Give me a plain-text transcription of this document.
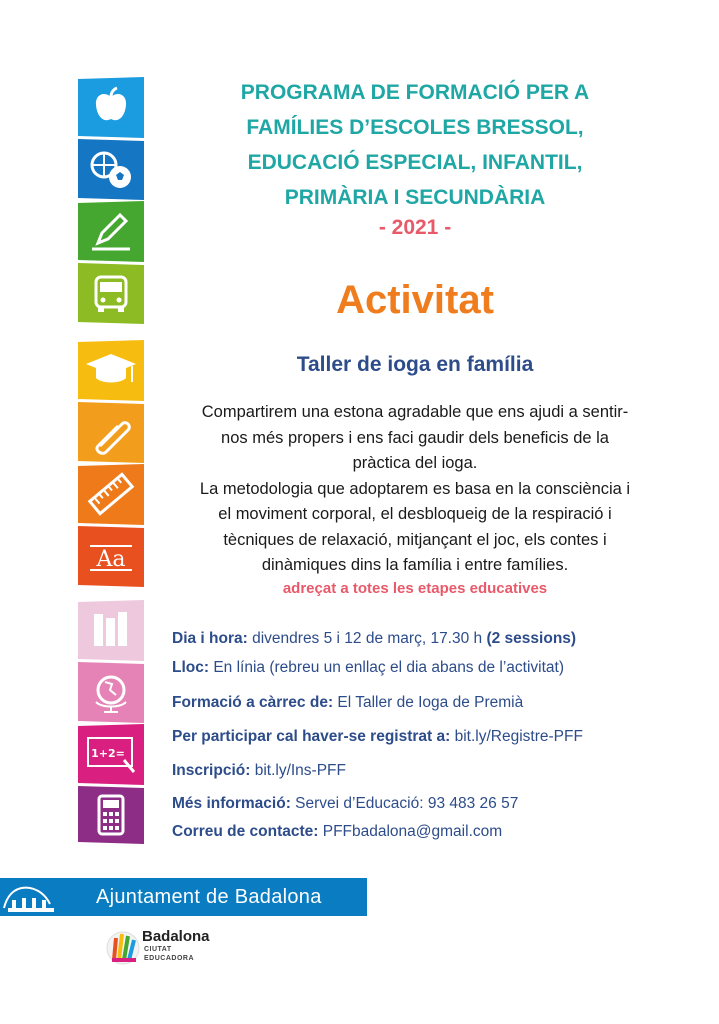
Aa
1+2=
PROGRAMA DE FORMACIÓ PER A
FAMÍLIES D’ESCOLES BRESSOL,
EDUCACIÓ ESPECIAL, INFANTIL,
PRIMÀRIA I SECUNDÀRIA
- 2021 -
Activitat
Taller de ioga en família
Compartirem una estona agradable que ens ajudi a sentir-
nos més propers i ens faci gaudir dels beneficis de la
pràctica del ioga.
La metodologia que adoptarem es basa en la consciència i
el moviment corporal, el desbloqueig de la respiració i
tècniques de relaxació, mitjançant el joc, els contes i
dinàmiques dins la família i entre famílies.
adreçat a totes les etapes educatives
Dia i hora: divendres 5 i 12 de març, 17.30 h (2 sessions)
Lloc: En línia (rebreu un enllaç el dia abans de l’activitat)
Formació a càrrec de: El Taller de Ioga de Premià
Per participar cal haver-se registrat a: bit.ly/Registre-PFF
Inscripció: bit.ly/Ins-PFF
Més informació: Servei d’Educació: 93 483 26 57
Correu de contacte: PFFbadalona@gmail.com
Ajuntament de Badalona
Badalona
CIUTAT
EDUCADORA
